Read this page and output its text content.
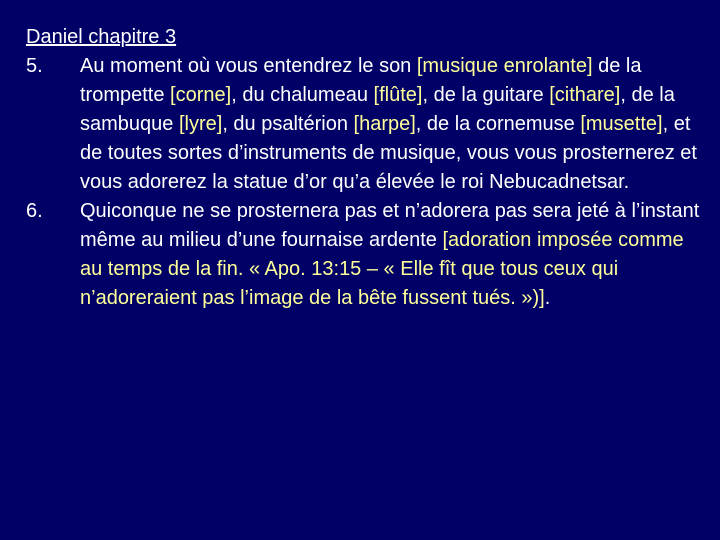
Daniel chapitre 3
5.	Au moment où vous entendrez le son [musique enrolante] de la trompette [corne], du chalumeau [flûte], de la guitare [cithare], de la sambuque [lyre], du psaltérion [harpe], de la cornemuse [musette], et de toutes sortes d’instruments de musique, vous vous prosternerez et vous adorerez la statue d’or qu’a élevée le roi Nebucadnetsar.
6.	Quiconque ne se prosternera pas et n’adorera pas sera jeté à l’instant même au milieu d’une fournaise ardente [adoration imposée comme au temps de la fin. « Apo. 13:15 – « Elle fît que tous ceux qui n’adoreraient pas l’image de la bête fussent tués. »)].
